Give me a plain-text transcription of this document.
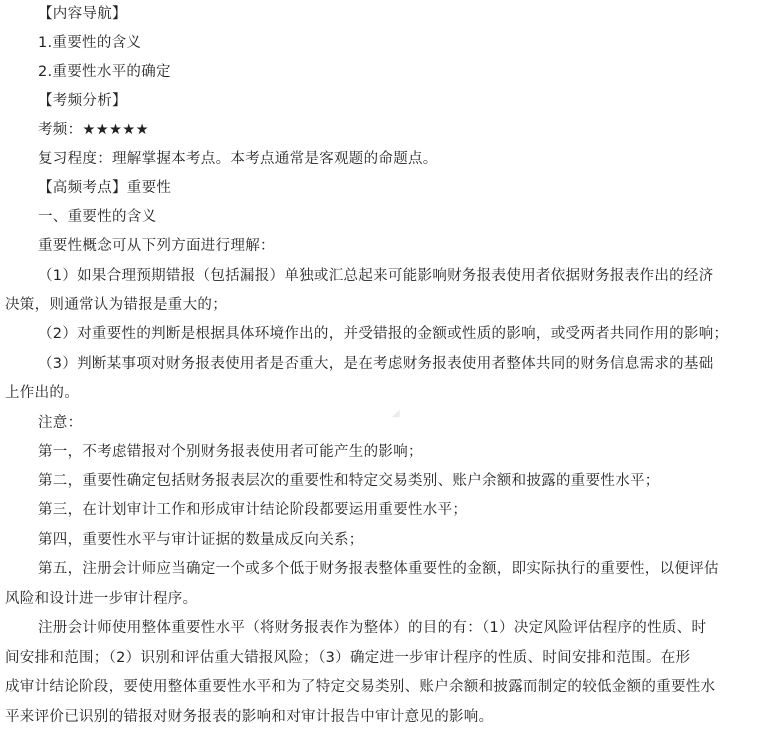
【内容导航】
1.重要性的含义
2.重要性水平的确定
【考频分析】
考频：★★★★★
复习程度：理解掌握本考点。本考点通常是客观题的命题点。
【高频考点】重要性
一、重要性的含义
重要性概念可从下列方面进行理解：
（1）如果合理预期错报（包括漏报）单独或汇总起来可能影响财务报表使用者依据财务报表作出的经济
决策，则通常认为错报是重大的；
（2）对重要性的判断是根据具体环境作出的，并受错报的金额或性质的影响，或受两者共同作用的影响；
（3）判断某事项对财务报表使用者是否重大，是在考虑财务报表使用者整体共同的财务信息需求的基础
上作出的。
注意：
第一，不考虑错报对个别财务报表使用者可能产生的影响；
第二，重要性确定包括财务报表层次的重要性和特定交易类别、账户余额和披露的重要性水平；
第三，在计划审计工作和形成审计结论阶段都要运用重要性水平；
第四，重要性水平与审计证据的数量成反向关系；
第五，注册会计师应当确定一个或多个低于财务报表整体重要性的金额，即实际执行的重要性，以便评估
风险和设计进一步审计程序。
注册会计师使用整体重要性水平（将财务报表作为整体）的目的有：（1）决定风险评估程序的性质、时
间安排和范围；（2）识别和评估重大错报风险；（3）确定进一步审计程序的性质、时间安排和范围。在形
成审计结论阶段，要使用整体重要性水平和为了特定交易类别、账户余额和披露而制定的较低金额的重要性水
平来评价已识别的错报对财务报表的影响和对审计报告中审计意见的影响。
◢
